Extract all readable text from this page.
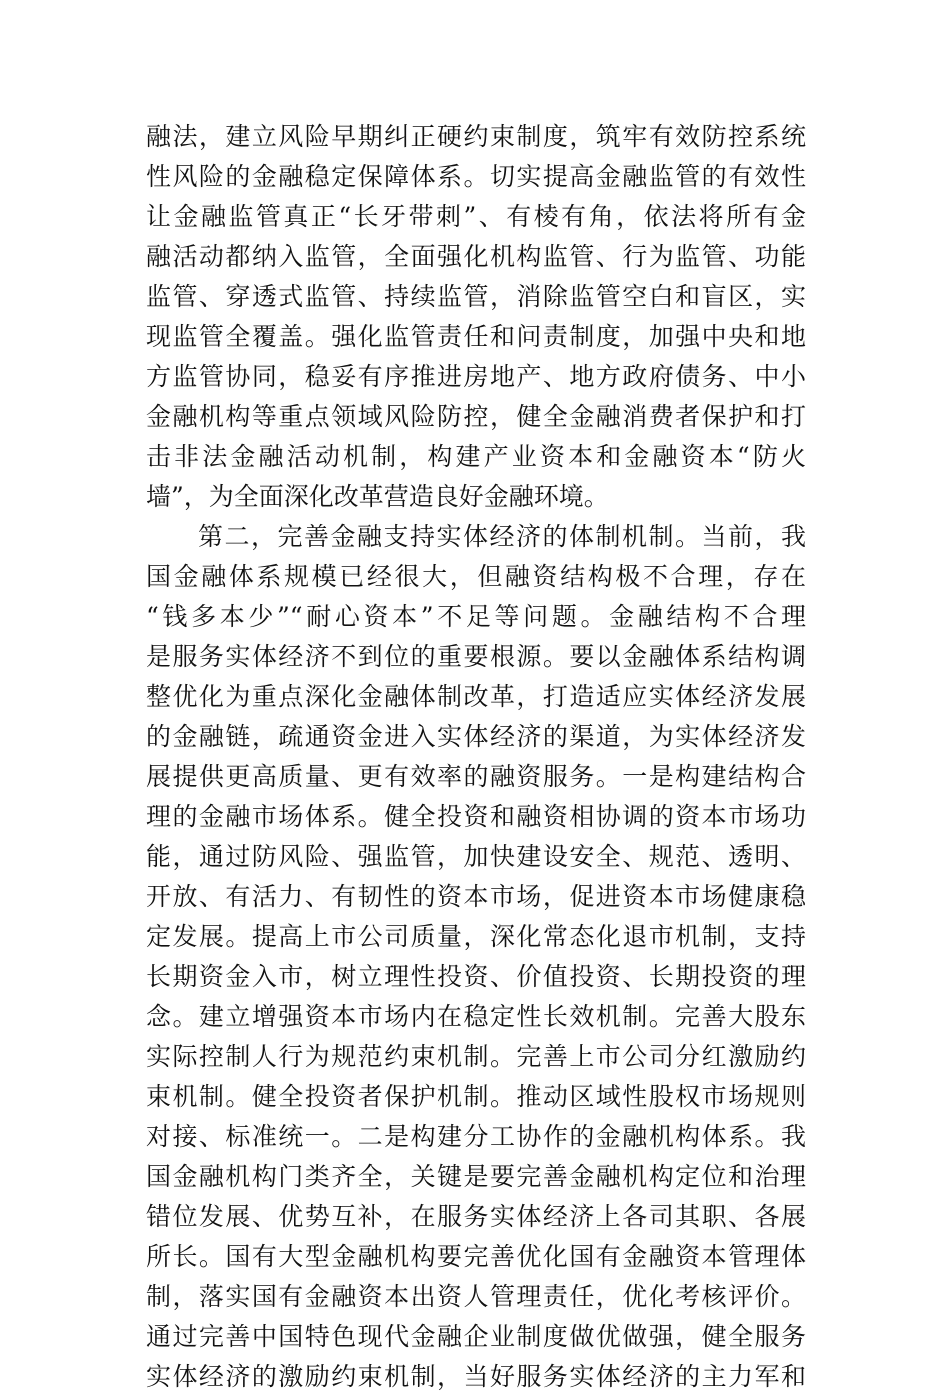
融法，建立风险早期纠正硬约束制度，筑牢有效防控系统
性风险的金融稳定保障体系。切实提高金融监管的有效性
让金融监管真正“长牙带刺”、有棱有角，依法将所有金
融活动都纳入监管，全面强化机构监管、行为监管、功能
监管、穿透式监管、持续监管，消除监管空白和盲区，实
现监管全覆盖。强化监管责任和问责制度，加强中央和地
方监管协同，稳妥有序推进房地产、地方政府债务、中小
金融机构等重点领域风险防控，健全金融消费者保护和打
击非法金融活动机制，构建产业资本和金融资本“防火
墙”，为全面深化改革营造良好金融环境。
第二，完善金融支持实体经济的体制机制。当前，我
国金融体系规模已经很大，但融资结构极不合理，存在
“钱多本少”“耐心资本”不足等问题。金融结构不合理
是服务实体经济不到位的重要根源。要以金融体系结构调
整优化为重点深化金融体制改革，打造适应实体经济发展
的金融链，疏通资金进入实体经济的渠道，为实体经济发
展提供更高质量、更有效率的融资服务。一是构建结构合
理的金融市场体系。健全投资和融资相协调的资本市场功
能，通过防风险、强监管，加快建设安全、规范、透明、
开放、有活力、有韧性的资本市场，促进资本市场健康稳
定发展。提高上市公司质量，深化常态化退市机制，支持
长期资金入市，树立理性投资、价值投资、长期投资的理
念。建立增强资本市场内在稳定性长效机制。完善大股东
实际控制人行为规范约束机制。完善上市公司分红激励约
束机制。健全投资者保护机制。推动区域性股权市场规则
对接、标准统一。二是构建分工协作的金融机构体系。我
国金融机构门类齐全，关键是要完善金融机构定位和治理
错位发展、优势互补，在服务实体经济上各司其职、各展
所长。国有大型金融机构要完善优化国有金融资本管理体
制，落实国有金融资本出资人管理责任，优化考核评价。
通过完善中国特色现代金融企业制度做优做强，健全服务
实体经济的激励约束机制，当好服务实体经济的主力军和
